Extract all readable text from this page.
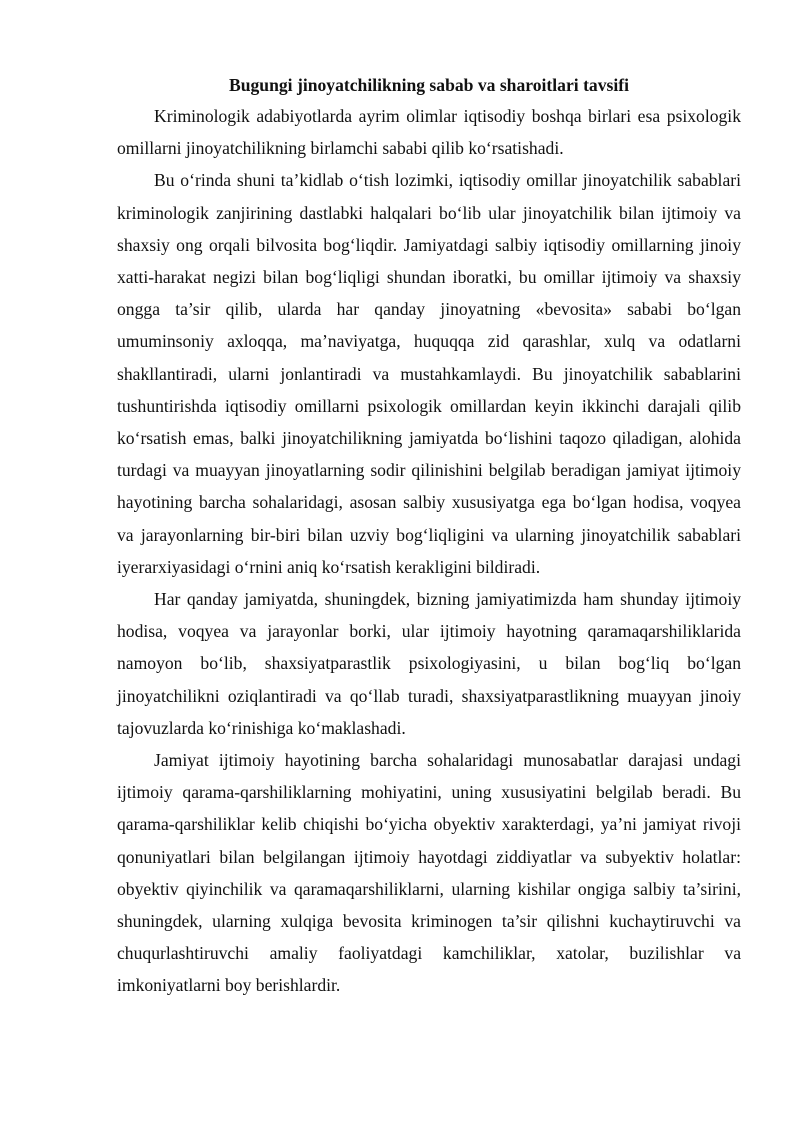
Bugungi jinoyatchilikning sabab va sharoitlari tavsifi

Kriminologik adabiyotlarda ayrim olimlar iqtisodiy boshqa birlari esa psixologik omillarni jinoyatchilikning birlamchi sababi qilib ko‘rsatishadi.

Bu o‘rinda shuni ta’kidlab o‘tish lozimki, iqtisodiy omillar jinoyatchilik sabablari kriminologik zanjirining dastlabki halqalari bo‘lib ular jinoyatchilik bilan ijtimoiy va shaxsiy ong orqali bilvosita bog‘liqdir. Jamiyatdagi salbiy iqtisodiy omillarning jinoiy xatti-harakat negizi bilan bog‘liqligi shundan iboratki, bu omillar ijtimoiy va shaxsiy ongga ta’sir qilib, ularda har qanday jinoyatning «bevosita» sababi bo‘lgan umuminsoniy axloqqa, ma’naviyatga, huquqqa zid qarashlar, xulq va odatlarni shakllantiradi, ularni jonlantiradi va mustahkamlaydi. Bu jinoyatchilik sabablarini tushuntirishda iqtisodiy omillarni psixologik omillardan keyin ikkinchi darajali qilib ko‘rsatish emas, balki jinoyatchilikning jamiyatda bo‘lishini taqozo qiladigan, alohida turdagi va muayyan jinoyatlarning sodir qilinishini belgilab beradigan jamiyat ijtimoiy hayotining barcha sohalaridagi, asosan salbiy xususiyatga ega bo‘lgan hodisa, voqyea va jarayonlarning bir-biri bilan uzviy bog‘liqligini va ularning jinoyatchilik sabablari iyerarxiyasidagi o‘rnini aniq ko‘rsatish kerakligini bildiradi.

Har qanday jamiyatda, shuningdek, bizning jamiyatimizda ham shunday ijtimoiy hodisa, voqyea va jarayonlar borki, ular ijtimoiy hayotning qaramaqarshiliklarida namoyon bo‘lib, shaxsiyatparastlik psixologiyasini, u bilan bog‘liq bo‘lgan jinoyatchilikni oziqlantiradi va qo‘llab turadi, shaxsiyatparastlikning muayyan jinoiy tajovuzlarda ko‘rinishiga ko‘maklashadi.

Jamiyat ijtimoiy hayotining barcha sohalaridagi munosabatlar darajasi undagi ijtimoiy qarama-qarshiliklarning mohiyatini, uning xususiyatini belgilab beradi. Bu qarama-qarshiliklar kelib chiqishi bo‘yicha obyektiv xarakterdagi, ya’ni jamiyat rivoji qonuniyatlari bilan belgilangan ijtimoiy hayotdagi ziddiyatlar va subyektiv holatlar: obyektiv qiyinchilik va qaramaqarshiliklarni, ularning kishilar ongiga salbiy ta’sirini, shuningdek, ularning xulqiga bevosita kriminogen ta’sir qilishni kuchaytiruvchi va chuqurlashtiruvchi amaliy faoliyatdagi kamchiliklar, xatolar, buzilishlar va imkoniyatlarni boy berishlardir.
